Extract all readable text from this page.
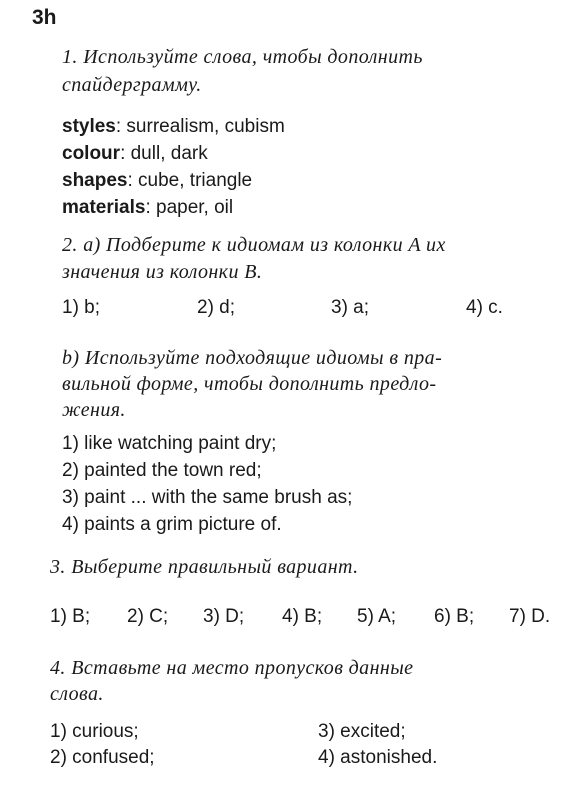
3h
1. Используйте слова, чтобы дополнить
спайдерграмму.
styles: surrealism, cubism
colour: dull, dark
shapes: cube, triangle
materials: paper, oil
2. a) Подберите к идиомам из колонки A их
значения из колонки B.
1) b;	2) d;	3) a;	4) c.
b) Используйте подходящие идиомы в пра-
вильной форме, чтобы дополнить предло-
жения.
1) like watching paint dry;
2) painted the town red;
3) paint ... with the same brush as;
4) paints a grim picture of.
3. Выберите правильный вариант.
1) B; 2) C; 3) D; 4) B; 5) A; 6) B; 7) D.
4. Вставьте на место пропусков данные
слова.
1) curious;	3) excited;
2) confused;	4) astonished.
